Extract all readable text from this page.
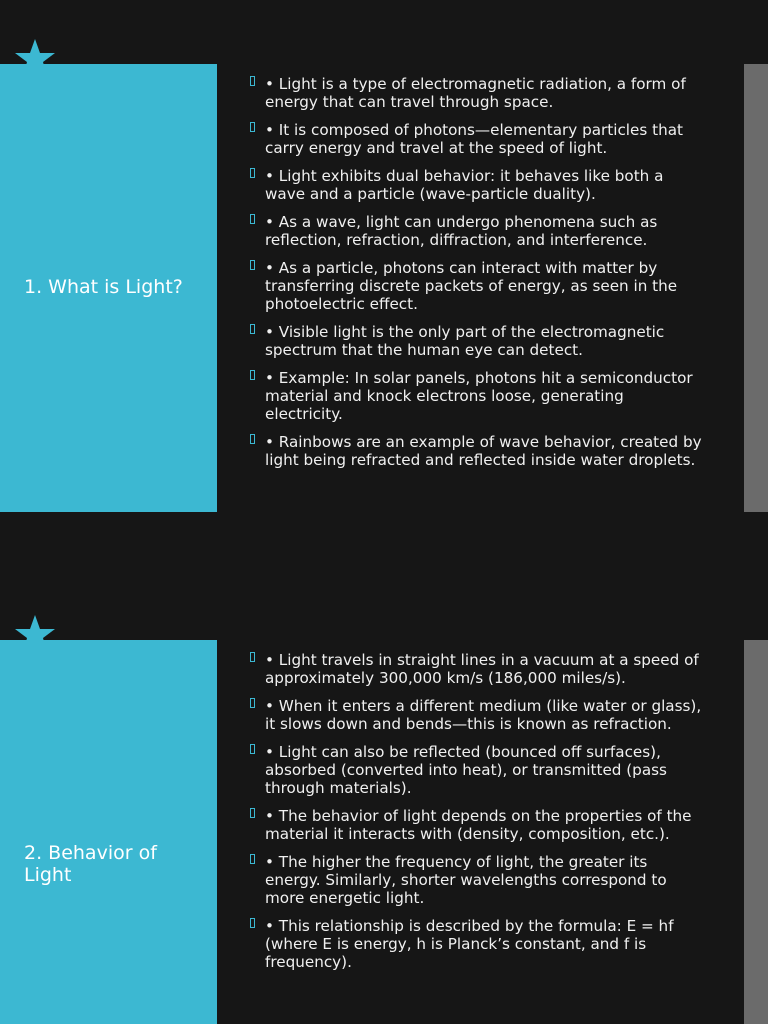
1. What is Light?
• Light is a type of electromagnetic radiation, a form of energy that can travel through space.
• It is composed of photons—elementary particles that carry energy and travel at the speed of light.
• Light exhibits dual behavior: it behaves like both a wave and a particle (wave-particle duality).
• As a wave, light can undergo phenomena such as reflection, refraction, diffraction, and interference.
• As a particle, photons can interact with matter by transferring discrete packets of energy, as seen in the photoelectric effect.
• Visible light is the only part of the electromagnetic spectrum that the human eye can detect.
• Example: In solar panels, photons hit a semiconductor material and knock electrons loose, generating electricity.
• Rainbows are an example of wave behavior, created by light being refracted and reflected inside water droplets.
2. Behavior of Light
• Light travels in straight lines in a vacuum at a speed of approximately 300,000 km/s (186,000 miles/s).
• When it enters a different medium (like water or glass), it slows down and bends—this is known as refraction.
• Light can also be reflected (bounced off surfaces), absorbed (converted into heat), or transmitted (pass through materials).
• The behavior of light depends on the properties of the material it interacts with (density, composition, etc.).
• The higher the frequency of light, the greater its energy. Similarly, shorter wavelengths correspond to more energetic light.
• This relationship is described by the formula: E = hf (where E is energy, h is Planck’s constant, and f is frequency).
